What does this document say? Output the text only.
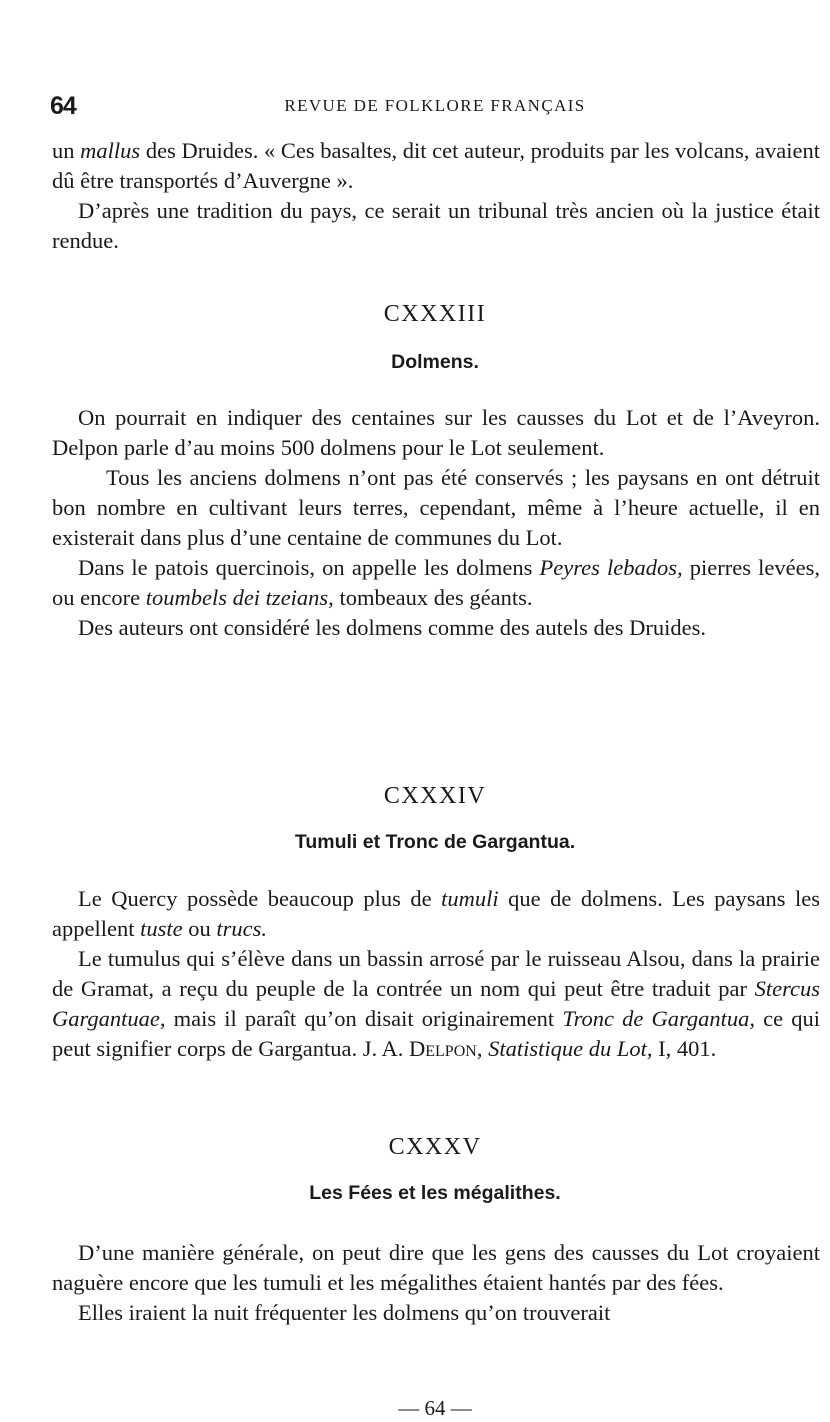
64	REVUE DE FOLKLORE FRANÇAIS

un mallus des Druides. « Ces basaltes, dit cet auteur, produits par les volcans, avaient dû être transportés d’Auvergne ».

D’après une tradition du pays, ce serait un tribunal très ancien où la justice était rendue.

CXXXIII
Dolmens.

On pourrait en indiquer des centaines sur les causses du Lot et de l’Aveyron. Delpon parle d’au moins 500 dolmens pour le Lot seulement.

Tous les anciens dolmens n’ont pas été conservés ; les paysans en ont détruit bon nombre en cultivant leurs terres, cependant, même à l’heure actuelle, il en existerait dans plus d’une centaine de communes du Lot.

Dans le patois quercinois, on appelle les dolmens Peyres lebados, pierres levées, ou encore toumbels dei tzeians, tombeaux des géants.

Des auteurs ont considéré les dolmens comme des autels des Druides.

CXXXIV
Tumuli et Tronc de Gargantua.

Le Quercy possède beaucoup plus de tumuli que de dolmens. Les paysans les appellent tuste ou trucs.

Le tumulus qui s’élève dans un bassin arrosé par le ruisseau Alsou, dans la prairie de Gramat, a reçu du peuple de la contrée un nom qui peut être traduit par Stercus Gargantuae, mais il paraît qu’on disait originairement Tronc de Gargantua, ce qui peut signifier corps de Gargantua. J. A. Delpon, Statistique du Lot, I, 401.

CXXXV
Les Fées et les mégalithes.

D’une manière générale, on peut dire que les gens des causses du Lot croyaient naguère encore que les tumuli et les mégalithes étaient hantés par des fées.

Elles iraient la nuit fréquenter les dolmens qu’on trouverait

— 64 —
